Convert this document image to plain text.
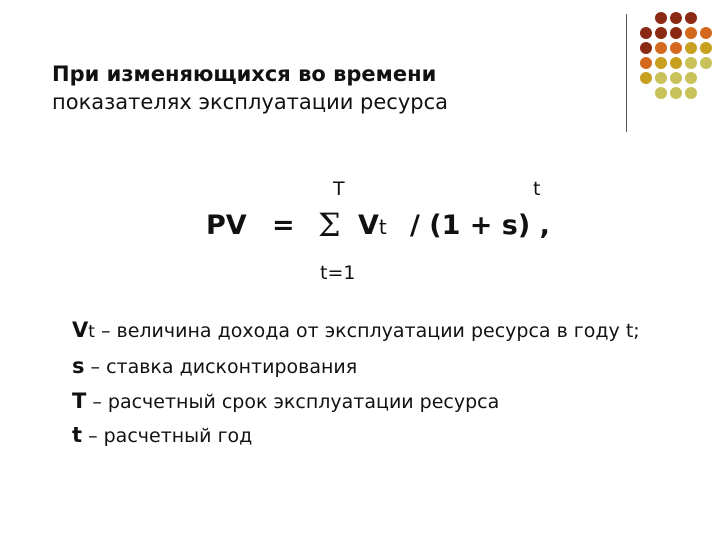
При изменяющихся во времени
показателях эксплуатации ресурса
T	t
PV = Σ Vt / (1 + s) ,
t=1
Vt – величина дохода от эксплуатации ресурса в году t;
s – ставка дисконтирования
T – расчетный срок эксплуатации ресурса
t – расчетный год
